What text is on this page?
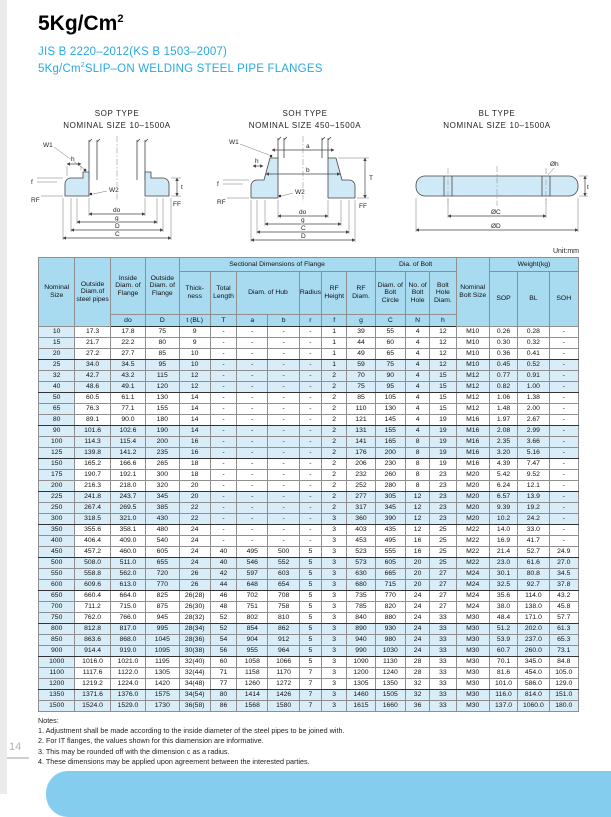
5Kg/Cm$^2$
JIS B 2220–2012(KS B 1503–2007)
5Kg/Cm$^2$SLIP–ON WELDING STEEL PIPE FLANGES
SOP TYPE
NOMINAL SIZE 10–1500A
W1
h
f
RF
W2	t
FF
do
g
D
C
SOH TYPE
NOMINAL SIZE 450–1500A
a
b
W1
h
f
RF
W2
T
FF
do
g
C
D
BL TYPE
NOMINAL SIZE 10–1500A
Øh
t
ØC
ØD
Unit:mm
Nominal Size	Outside Diam.of steel pipes	Inside Diam. of Flange	Outside Diam. of Flange	Sectional Dimensions of Flange							Dia. of Bolt			Nominal Bolt Size	Weight(kg)		
				Thick-ness	Total Length	Diam. of Hub		Radius	RF Height	RF Diam.	Diam. of Bolt Circle	No. of Bolt Hole	Bolt Hole Diam.		SOP	BL	SOH
		do	D	t (BL)	T	a	b	r	f	g	C	N	h				
10	17.3	17.8	75	9	-	-	-	-	1	39	55	4	12	M10	0.26	0.28	-
15	21.7	22.2	80	9	-	-	-	-	1	44	60	4	12	M10	0.30	0.32	-
20	27.2	27.7	85	10	-	-	-	-	1	49	65	4	12	M10	0.36	0.41	-
25	34.0	34.5	95	10	-	-	-	-	1	59	75	4	12	M10	0.45	0.52	-
32	42.7	43.2	115	12	-	-	-	-	2	70	90	4	15	M12	0.77	0.91	-
40	48.6	49.1	120	12	-	-	-	-	2	75	95	4	15	M12	0.82	1.00	-
50	60.5	61.1	130	14	-	-	-	-	2	85	105	4	15	M12	1.06	1.38	-
65	76.3	77.1	155	14	-	-	-	-	2	110	130	4	15	M12	1.48	2.00	-
80	89.1	90.0	180	14	-	-	-	-	2	121	145	4	19	M16	1.97	2.67	-
90	101.6	102.6	190	14	-	-	-	-	2	131	155	4	19	M16	2.08	2.99	-
100	114.3	115.4	200	16	-	-	-	-	2	141	165	8	19	M16	2.35	3.66	-
125	139.8	141.2	235	16	-	-	-	-	2	176	200	8	19	M16	3.20	5.16	-
150	165.2	166.6	265	18	-	-	-	-	2	206	230	8	19	M16	4.39	7.47	-
175	190.7	192.1	300	18	-	-	-	-	2	232	260	8	23	M20	5.42	9.52	-
200	216.3	218.0	320	20	-	-	-	-	2	252	280	8	23	M20	6.24	12.1	-
225	241.8	243.7	345	20	-	-	-	-	2	277	305	12	23	M20	6.57	13.9	-
250	267.4	269.5	385	22	-	-	-	-	2	317	345	12	23	M20	9.39	19.2	-
300	318.5	321.0	430	22	-	-	-	-	3	360	390	12	23	M20	10.2	24.2	-
350	355.6	358.1	480	24	-	-	-	-	3	403	435	12	25	M22	14.0	33.0	-
400	406.4	409.0	540	24	-	-	-	-	3	453	495	16	25	M22	16.9	41.7	-
450	457.2	460.0	605	24	40	495	500	5	3	523	555	16	25	M22	21.4	52.7	24.9
500	508.0	511.0	655	24	40	546	552	5	3	573	605	20	25	M22	23.0	61.6	27.0
550	558.8	562.0	720	26	42	597	603	5	3	630	665	20	27	M24	30.1	80.8	34.5
600	609.6	613.0	770	26	44	648	654	5	3	680	715	20	27	M24	32.5	92.7	37.8
650	660.4	664.0	825	26(28)	46	702	708	5	3	735	770	24	27	M24	35.6	114.0	43.2
700	711.2	715.0	875	26(30)	48	751	758	5	3	785	820	24	27	M24	38.0	138.0	45.8
750	762.0	766.0	945	28(32)	52	802	810	5	3	840	880	24	33	M30	48.4	171.0	57.7
800	812.8	817.0	995	28(34)	52	854	862	5	3	890	930	24	33	M30	51.2	202.0	61.3
850	863.6	868.0	1045	28(36)	54	904	912	5	3	940	980	24	33	M30	53.9	237.0	65.3
900	914.4	919.0	1095	30(38)	56	955	964	5	3	990	1030	24	33	M30	60.7	260.0	73.1
1000	1016.0	1021.0	1195	32(40)	60	1058	1066	5	3	1090	1130	28	33	M30	70.1	345.0	84.8
1100	1117.6	1122.0	1305	32(44)	71	1158	1170	7	3	1200	1240	28	33	M30	81.6	454.0	105.0
1200	1219.2	1224.0	1420	34(48)	77	1260	1272	7	3	1305	1350	32	33	M30	101.0	586.0	129.0
1350	1371.6	1376.0	1575	34(54)	80	1414	1426	7	3	1460	1505	32	33	M30	116.0	814.0	151.0
1500	1524.0	1529.0	1730	36(58)	86	1568	1580	7	3	1615	1660	36	33	M30	137.0	1060.0	180.0
Notes:
1. Adjustment shall be made according to the inside diameter of the steel pipes to be joined with.
2. For IT flanges, the values shown for this diamension are informative.
3. This may be rounded off with the dimension c as a radius.
4. These dimensions may be applied upon agreement between the interested parties.
14
